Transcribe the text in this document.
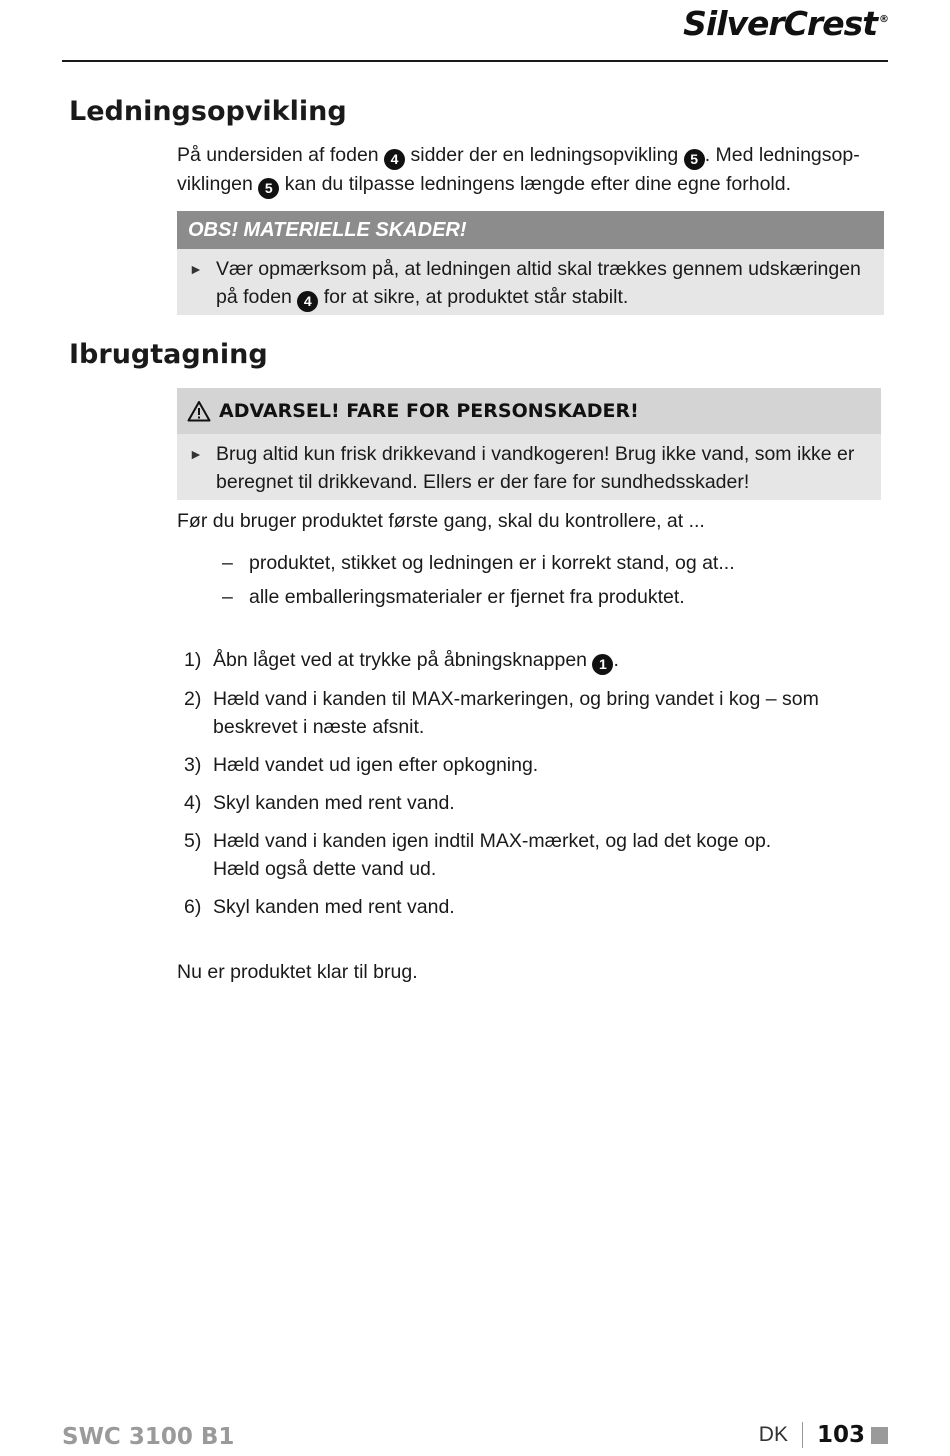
SilverCrest ®
Ledningsopvikling

På undersiden af foden 4 sidder der en ledningsopvikling 5 . Med ledningsop-
viklingen 5 kan du tilpasse ledningens længde efter dine egne forhold.

OBS! MATERIELLE SKADER!
► Vær opmærksom på, at ledningen altid skal trækkes gennem udskæringen
på foden 4 for at sikre, at produktet står stabilt.
Ibrugtagning
ADVARSEL! FARE FOR PERSONSKADER!
► Brug altid kun frisk drikkevand i vandkogeren! Brug ikke vand, som ikke er
beregnet til drikkevand. Ellers er der fare for sundhedsskader!

Før du bruger produktet første gang, skal du kontrollere, at ...

– produktet, stikket og ledningen er i korrekt stand, og at...
– alle emballeringsmaterialer er fjernet fra produktet.
1) Åbn låget ved at trykke på åbningsknappen 1 .
2) Hæld vand i kanden til MAX-markeringen, og bring vandet i kog – som
beskrevet i næste afsnit.
3) Hæld vandet ud igen efter opkogning.
4) Skyl kanden med rent vand.
5) Hæld vand i kanden igen indtil MAX-mærket, og lad det koge op.
Hæld også dette vand ud.
6) Skyl kanden med rent vand.

Nu er produktet klar til brug.

SWC 3100 B1	DK 103
